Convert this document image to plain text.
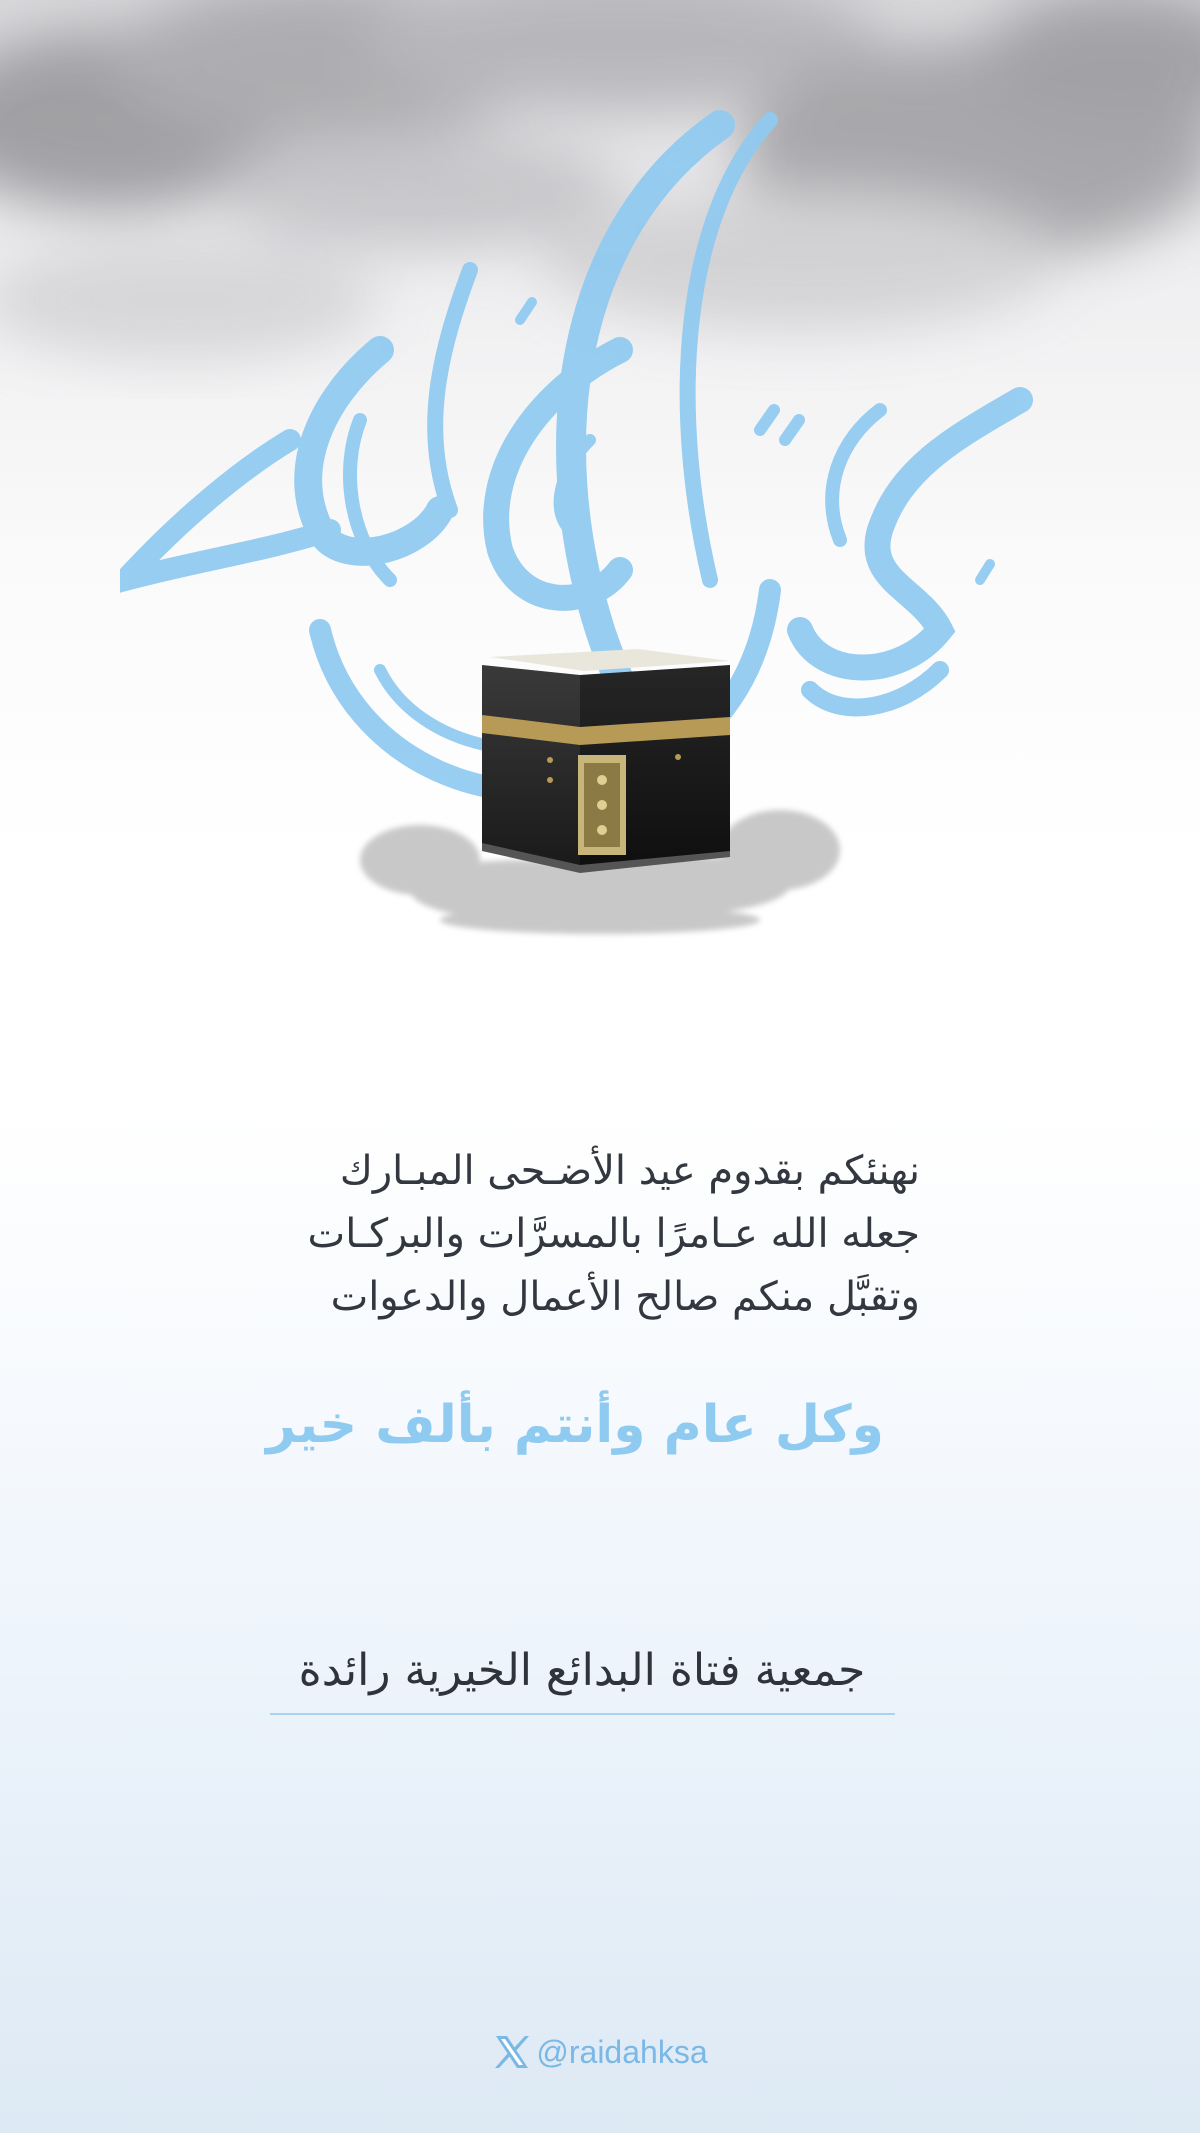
نهنئكم بقدوم عيد الأضـحى المبـارك
جعله الله عـامرًا بالمسرَّات والبركـات
وتقبَّل منكم صالح الأعمال والدعوات
وكل عام وأنتم بألف خير
جمعية فتاة البدائع الخيرية رائدة
@raidahksa
